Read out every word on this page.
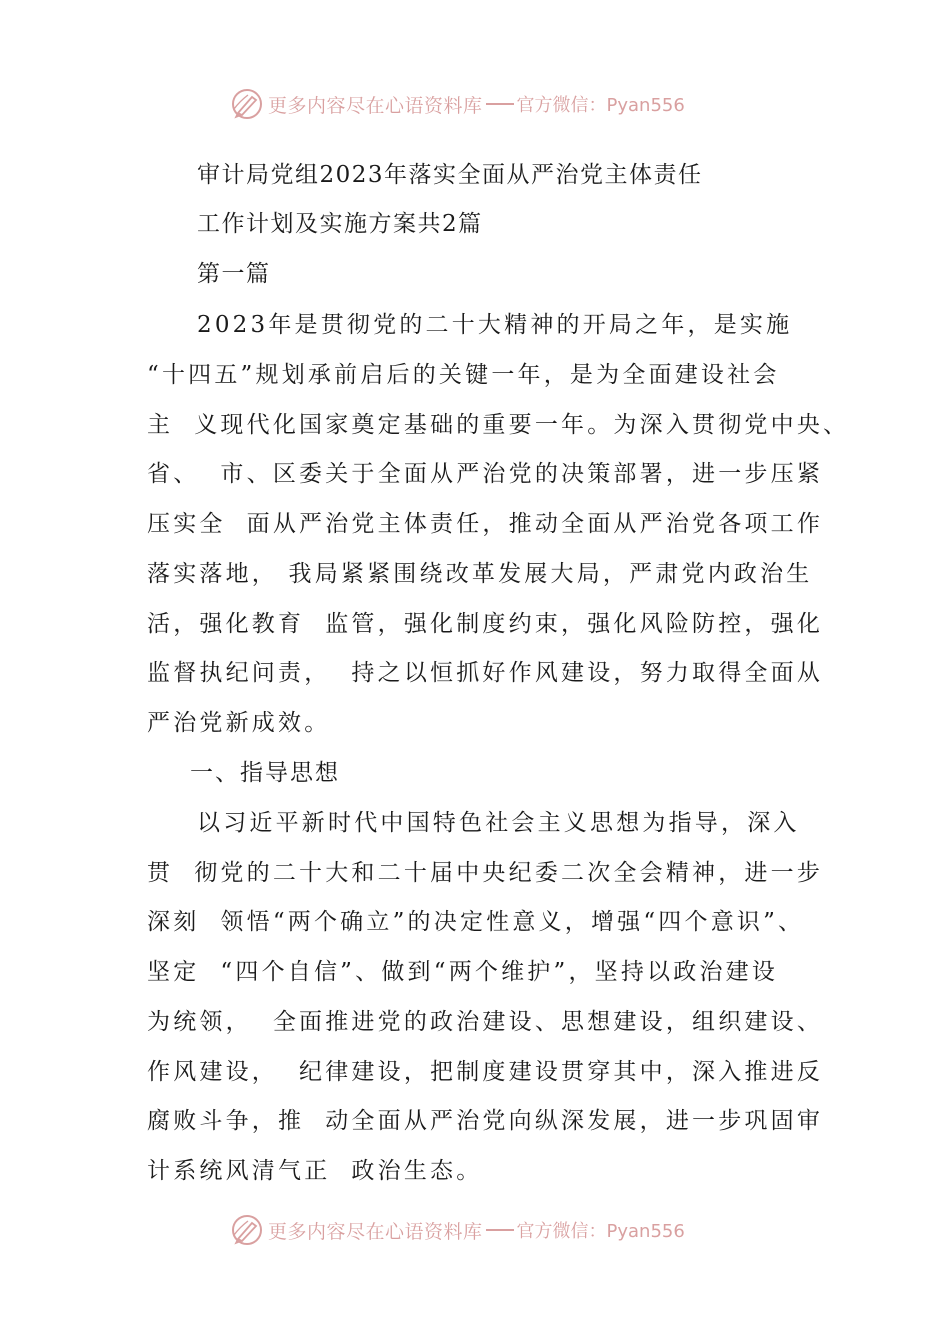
更多内容尽在心语资料库 官方微信：Pyan556
审计局党组2023年落实全面从严治党主体责任
工作计划及实施方案共2篇
第一篇
2023年是贯彻党的二十大精神的开局之年，是实施
“十四五”规划承前启后的关键一年，是为全面建设社会
主  义现代化国家奠定基础的重要一年。为深入贯彻党中央、
省、  市、区委关于全面从严治党的决策部署，进一步压紧
压实全  面从严治党主体责任，推动全面从严治党各项工作
落实落地， 我局紧紧围绕改革发展大局，严肃党内政治生
活，强化教育  监管，强化制度约束，强化风险防控，强化
监督执纪问责，  持之以恒抓好作风建设，努力取得全面从
严治党新成效。
一、指导思想
以习近平新时代中国特色社会主义思想为指导，深入
贯  彻党的二十大和二十届中央纪委二次全会精神，进一步
深刻  领悟“两个确立”的决定性意义，增强“四个意识”、
坚定  “四个自信”、做到“两个维护”，坚持以政治建设
为统领，  全面推进党的政治建设、思想建设，组织建设、
作风建设，  纪律建设，把制度建设贯穿其中，深入推进反
腐败斗争，推  动全面从严治党向纵深发展，进一步巩固审
计系统风清气正  政治生态。
更多内容尽在心语资料库 官方微信：Pyan556
